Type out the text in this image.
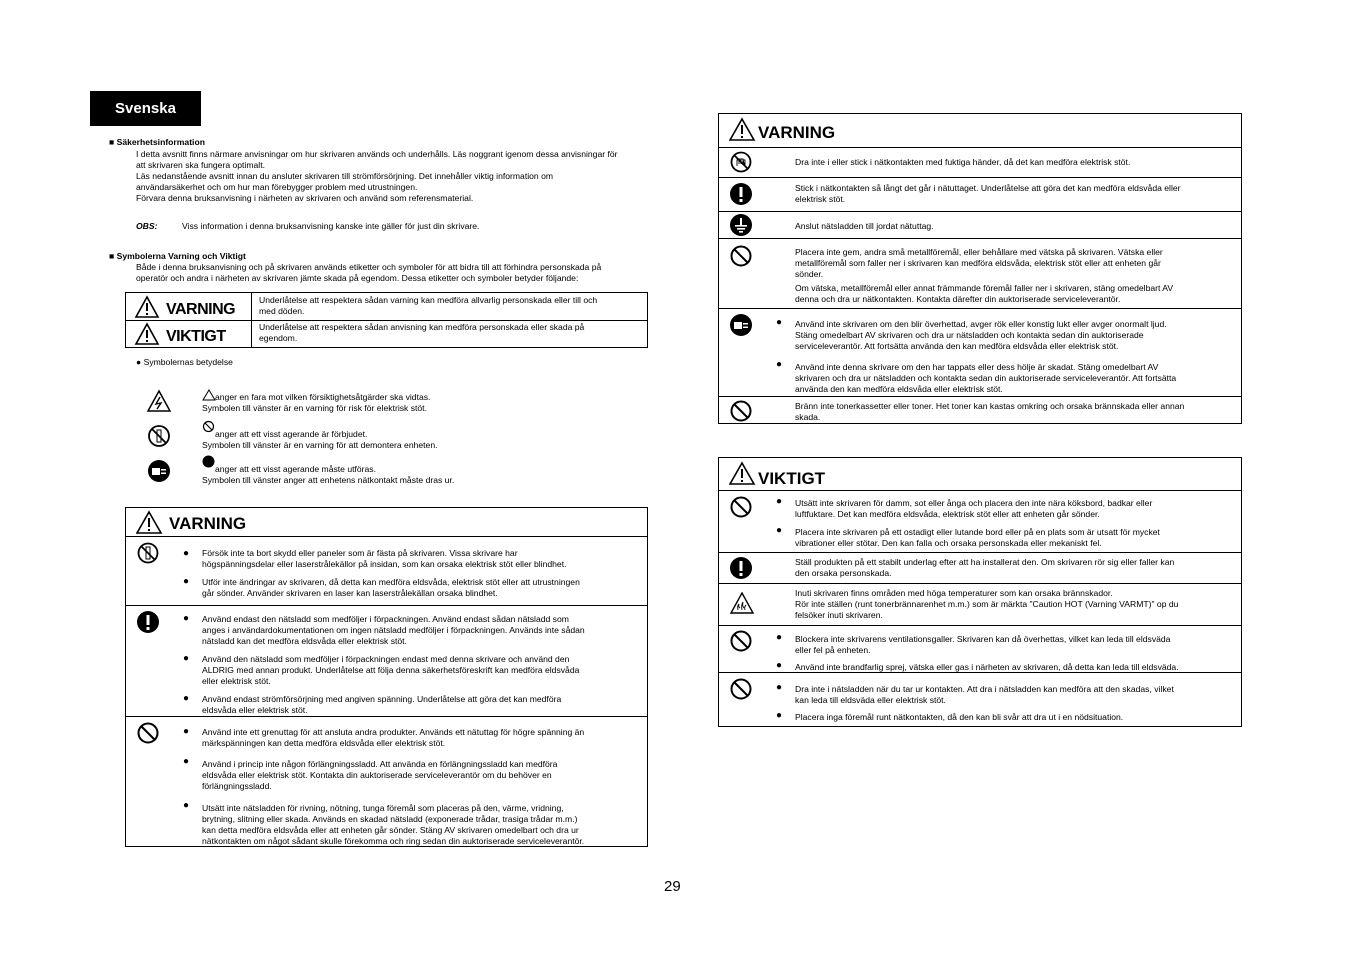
Svenska
■ Säkerhetsinformation
I detta avsnitt finns närmare anvisningar om hur skrivaren används och underhålls. Läs noggrant igenom dessa anvisningar för
att skrivaren ska fungera optimalt.
Läs nedanstående avsnitt innan du ansluter skrivaren till strömförsörjning. Det innehåller viktig information om
användarsäkerhet och om hur man förebygger problem med utrustningen.
Förvara denna bruksanvisning i närheten av skrivaren och använd som referensmaterial.
OBS:	Viss information i denna bruksanvisning kanske inte gäller för just din skrivare.
■ Symbolerna Varning och Viktigt
Både i denna bruksanvisning och på skrivaren används etiketter och symboler för att bidra till att förhindra personskada på
operatör och andra i närheten av skrivaren jämte skada på egendom. Dessa etiketter och symboler betyder följande:
VARNING
VIKTIGT
Underlåtelse att respektera sådan varning kan medföra allvarlig personskada eller till och
med döden.
Underlåtelse att respektera sådan anvisning kan medföra personskada eller skada på
egendom.
● Symbolernas betydelse
anger en fara mot vilken försiktighetsåtgärder ska vidtas.
Symbolen till vänster är en varning för risk för elektrisk stöt.
anger att ett visst agerande är förbjudet.
Symbolen till vänster är en varning för att demontera enheten.
anger att ett visst agerande måste utföras.
Symbolen till vänster anger att enhetens nätkontakt måste dras ur.
VARNING
● Försök inte ta bort skydd eller paneler som är fästa på skrivaren. Vissa skrivare har
högspänningsdelar eller laserstrålekällor på insidan, som kan orsaka elektrisk stöt eller blindhet.
● Utför inte ändringar av skrivaren, då detta kan medföra eldsvåda, elektrisk stöt eller att utrustningen
går sönder. Använder skrivaren en laser kan laserstrålekällan orsaka blindhet.
● Använd endast den nätsladd som medföljer i förpackningen. Använd endast sådan nätsladd som
anges i användardokumentationen om ingen nätsladd medföljer i förpackningen. Används inte sådan
nätsladd kan det medföra eldsvåda eller elektrisk stöt.
● Använd den nätsladd som medföljer i förpackningen endast med denna skrivare och använd den
ALDRIG med annan produkt. Underlåtelse att följa denna säkerhetsföreskrift kan medföra eldsvåda
eller elektrisk stöt.
● Använd endast strömförsörjning med angiven spänning. Underlåtelse att göra det kan medföra
eldsvåda eller elektrisk stöt.
● Använd inte ett grenuttag för att ansluta andra produkter. Används ett nätuttag för högre spänning än
märkspänningen kan detta medföra eldsvåda eller elektrisk stöt.
● Använd i princip inte någon förlängningssladd. Att använda en förlängningssladd kan medföra
eldsvåda eller elektrisk stöt. Kontakta din auktoriserade serviceleverantör om du behöver en
förlängningssladd.
● Utsätt inte nätsladden för rivning, nötning, tunga föremål som placeras på den, värme, vridning,
brytning, slitning eller skada. Används en skadad nätsladd (exponerade trådar, trasiga trådar m.m.)
kan detta medföra eldsvåda eller att enheten går sönder. Stäng AV skrivaren omedelbart och dra ur
nätkontakten om något sådant skulle förekomma och ring sedan din auktoriserade serviceleverantör.
VARNING
Dra inte i eller stick i nätkontakten med fuktiga händer, då det kan medföra elektrisk stöt.
Stick i nätkontakten så långt det går i nätuttaget. Underlåtelse att göra det kan medföra eldsvåda eller
elektrisk stöt.
Anslut nätsladden till jordat nätuttag.
Placera inte gem, andra små metallföremål, eller behållare med vätska på skrivaren. Vätska eller
metallföremål som faller ner i skrivaren kan medföra eldsvåda, elektrisk stöt eller att enheten går
sönder.
Om vätska, metallföremål eller annat främmande föremål faller ner i skrivaren, stäng omedelbart AV
denna och dra ur nätkontakten. Kontakta därefter din auktoriserade serviceleverantör.
● Använd inte skrivaren om den blir överhettad, avger rök eller konstig lukt eller avger onormalt ljud.
Stäng omedelbart AV skrivaren och dra ur nätsladden och kontakta sedan din auktoriserade
serviceleverantör. Att fortsätta använda den kan medföra eldsvåda eller elektrisk stöt.
● Använd inte denna skrivare om den har tappats eller dess hölje är skadat. Stäng omedelbart AV
skrivaren och dra ur nätsladden och kontakta sedan din auktoriserade serviceleverantör. Att fortsätta
använda den kan medföra eldsvåda eller elektrisk stöt.
Bränn inte tonerkassetter eller toner. Het toner kan kastas omkring och orsaka brännskada eller annan
skada.
VIKTIGT
● Utsätt inte skrivaren för damm, sot eller ånga och placera den inte nära köksbord, badkar eller
luftfuktare. Det kan medföra eldsvåda, elektrisk stöt eller att enheten går sönder.
● Placera inte skrivaren på ett ostadigt eller lutande bord eller på en plats som är utsatt för mycket
vibrationer eller stötar. Den kan falla och orsaka personskada eller mekaniskt fel.
Ställ produkten på ett stabilt underlag efter att ha installerat den. Om skrivaren rör sig eller faller kan
den orsaka personskada.
Inuti skrivaren finns områden med höga temperaturer som kan orsaka brännskador.
Rör inte ställen (runt tonerbrännarenhet m.m.) som är märkta "Caution HOT (Varning VARMT)" op du
felsöker inuti skrivaren.
● Blockera inte skrivarens ventilationsgaller. Skrivaren kan då överhettas, vilket kan leda till eldsväda
eller fel på enheten.
● Använd inte brandfarlig sprej, vätska eller gas i närheten av skrivaren, då detta kan leda till eldsväda.
● Dra inte i nätsladden när du tar ur kontakten. Att dra i nätsladden kan medföra att den skadas, vilket
kan leda till eldsväda eller elektrisk stöt.
● Placera inga föremål runt nätkontakten, då den kan bli svår att dra ut i en nödsituation.
29
